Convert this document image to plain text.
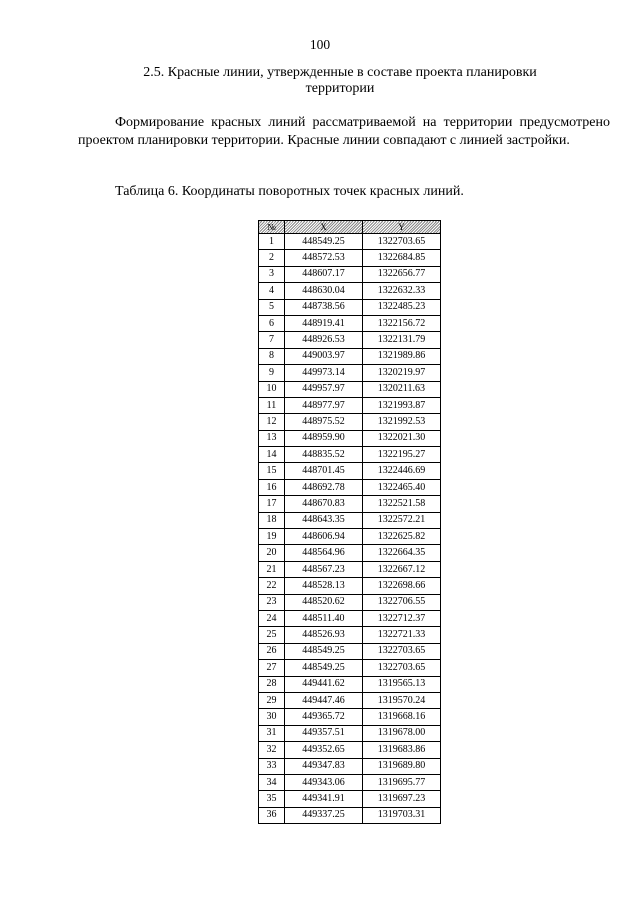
100
2.5. Красные линии, утвержденные в составе проекта планировки
территории
Формирование красных линий рассматриваемой на территории предусмотрено проектом планировки территории. Красные линии совпадают с линией застройки.
Таблица 6. Координаты поворотных точек красных линий.
№	X	Y
1	448549.25	1322703.65
2	448572.53	1322684.85
3	448607.17	1322656.77
4	448630.04	1322632.33
5	448738.56	1322485.23
6	448919.41	1322156.72
7	448926.53	1322131.79
8	449003.97	1321989.86
9	449973.14	1320219.97
10	449957.97	1320211.63
11	448977.97	1321993.87
12	448975.52	1321992.53
13	448959.90	1322021.30
14	448835.52	1322195.27
15	448701.45	1322446.69
16	448692.78	1322465.40
17	448670.83	1322521.58
18	448643.35	1322572.21
19	448606.94	1322625.82
20	448564.96	1322664.35
21	448567.23	1322667.12
22	448528.13	1322698.66
23	448520.62	1322706.55
24	448511.40	1322712.37
25	448526.93	1322721.33
26	448549.25	1322703.65
27	448549.25	1322703.65
28	449441.62	1319565.13
29	449447.46	1319570.24
30	449365.72	1319668.16
31	449357.51	1319678.00
32	449352.65	1319683.86
33	449347.83	1319689.80
34	449343.06	1319695.77
35	449341.91	1319697.23
36	449337.25	1319703.31
